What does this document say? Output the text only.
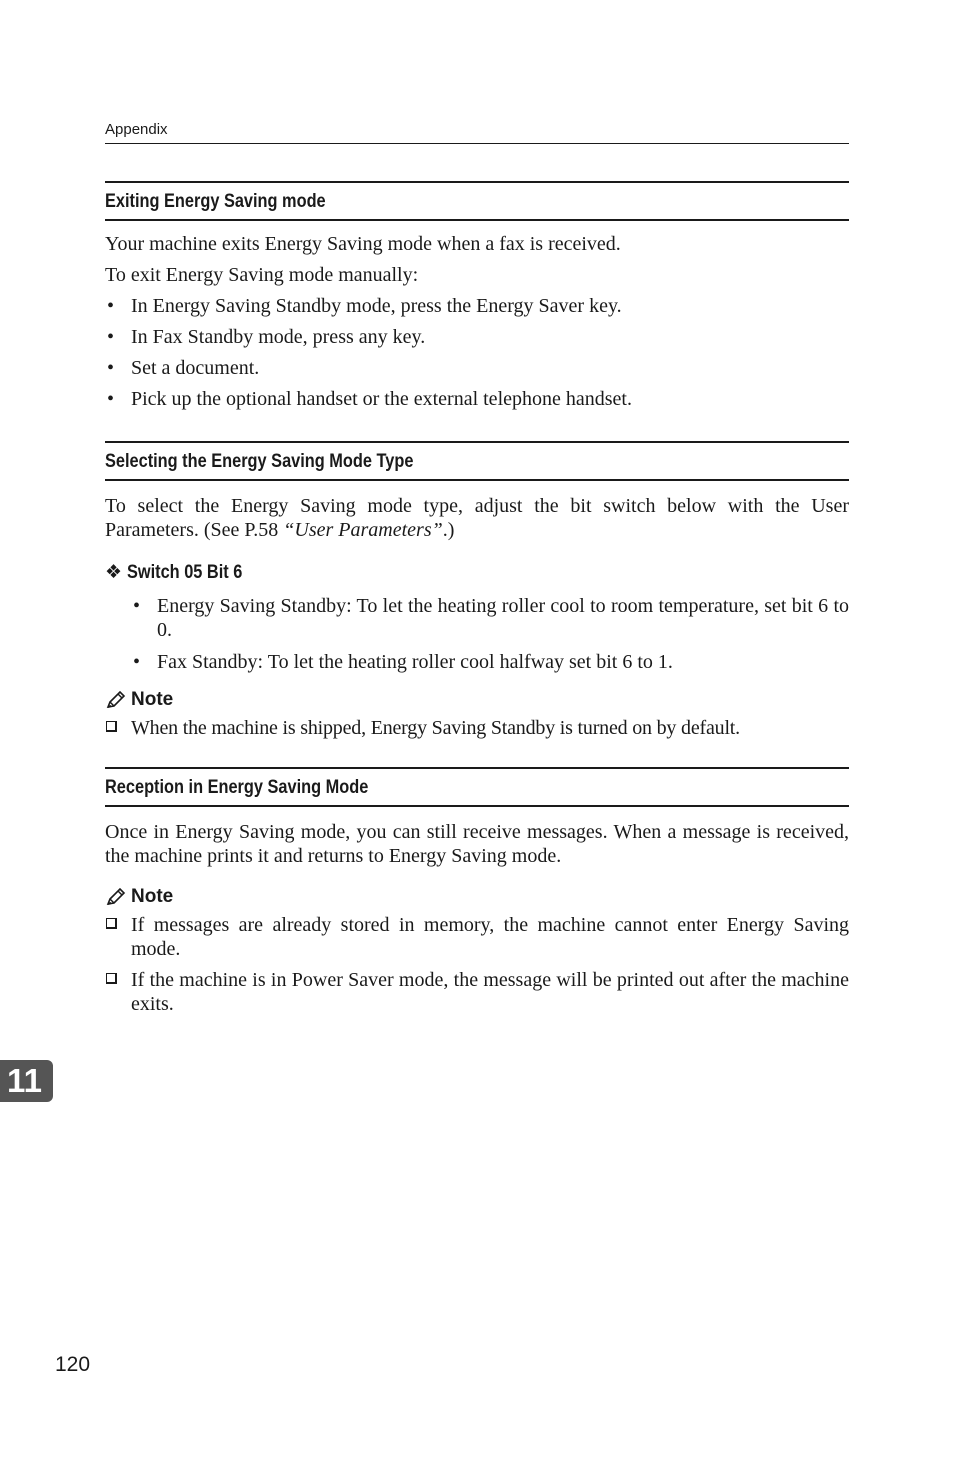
Appendix
Exiting Energy Saving mode

Your machine exits Energy Saving mode when a fax is received.

To exit Energy Saving mode manually:

• In Energy Saving Standby mode, press the Energy Saver key.
• In Fax Standby mode, press any key.
• Set a document.
• Pick up the optional handset or the external telephone handset.
Selecting the Energy Saving Mode Type

To select the Energy Saving mode type, adjust the bit switch below with the User Parameters. (See P.58 “User Parameters”.)

❖ Switch 05 Bit 6
• Energy Saving Standby: To let the heating roller cool to room temperature, set bit 6 to 0.
• Fax Standby: To let the heating roller cool halfway set bit 6 to 1.
Note
When the machine is shipped, Energy Saving Standby is turned on by default.
Reception in Energy Saving Mode

Once in Energy Saving mode, you can still receive messages. When a message is received, the machine prints it and returns to Energy Saving mode.

Note
If messages are already stored in memory, the machine cannot enter Energy Saving mode.
If the machine is in Power Saver mode, the message will be printed out after the machine exits.
11
120
